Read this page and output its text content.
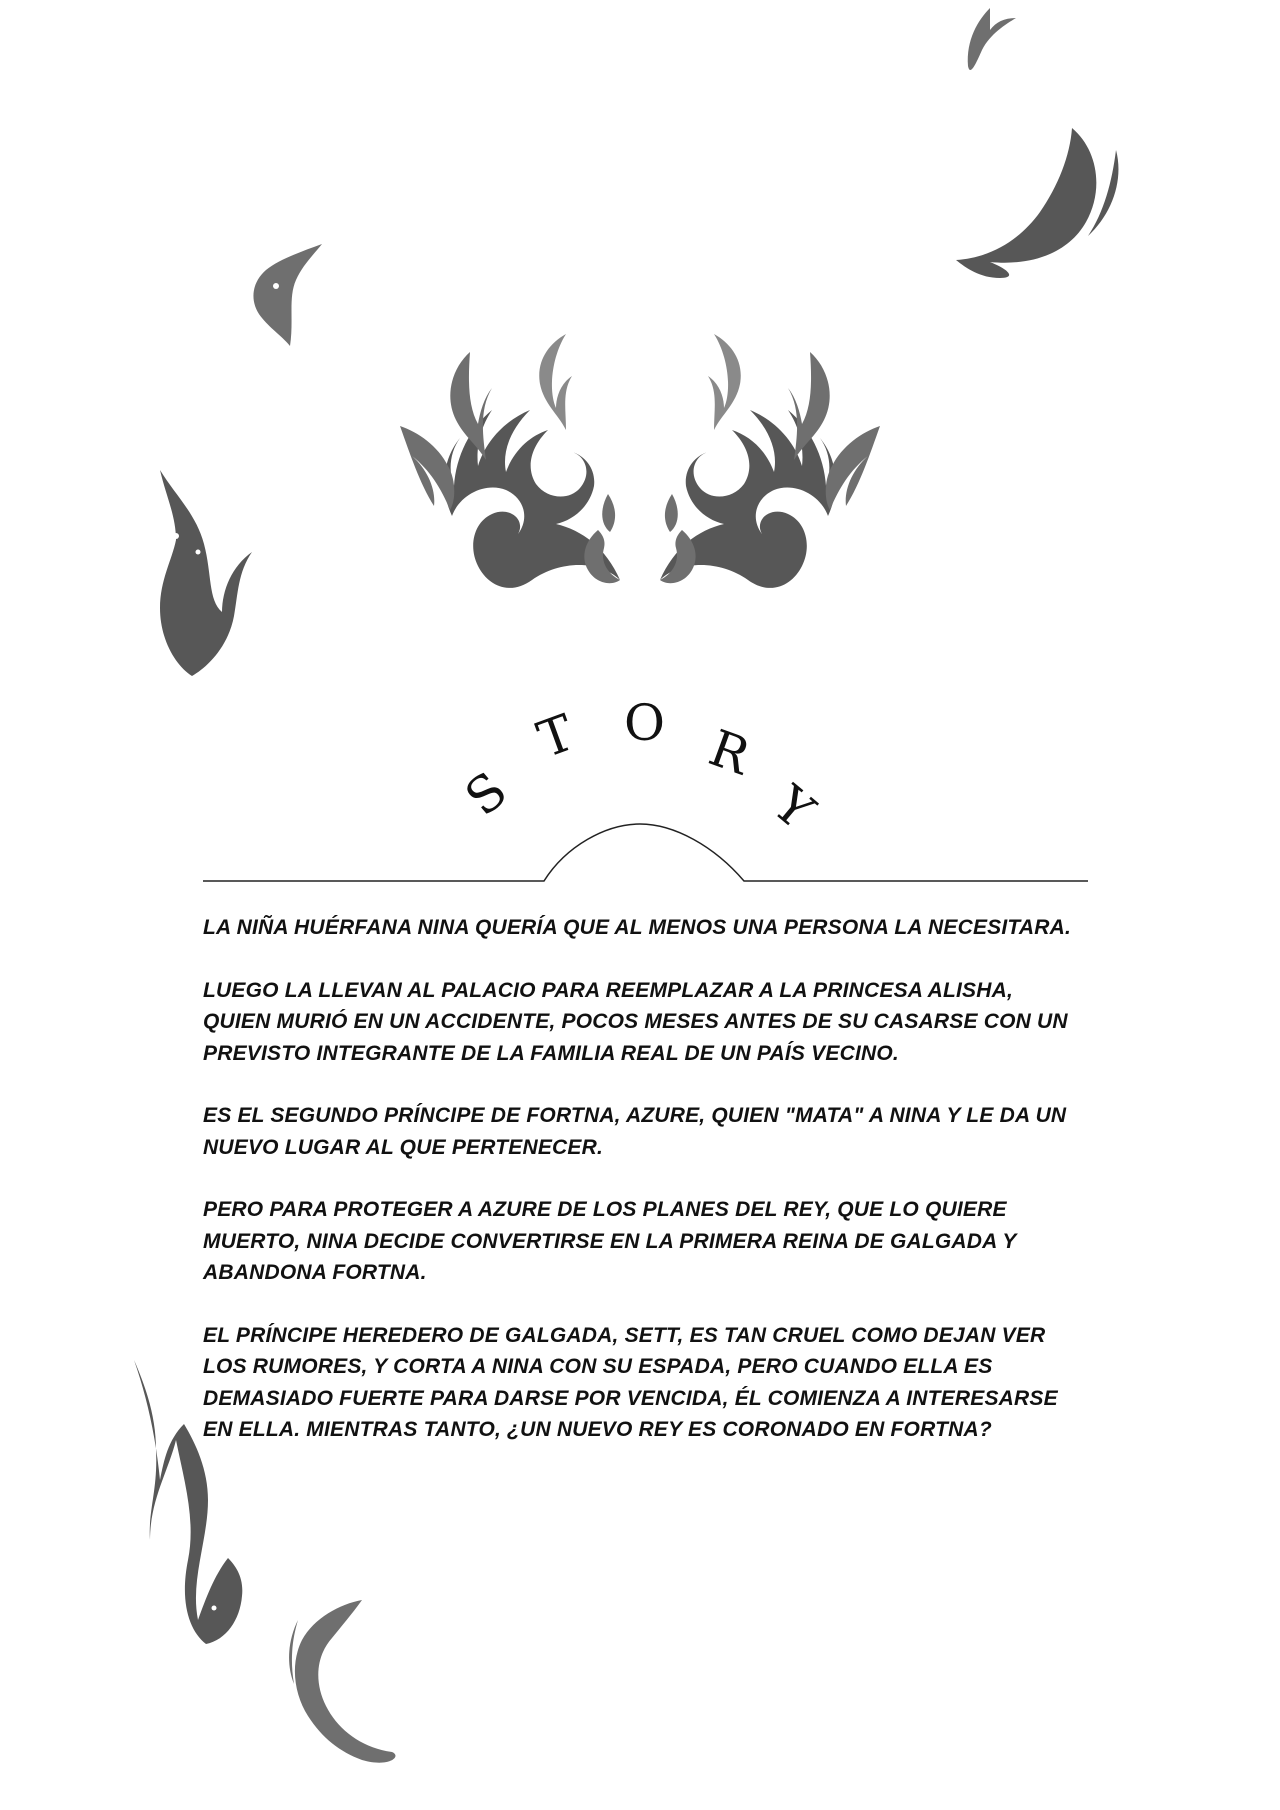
S
T O R
Y

LA NIÑA HUÉRFANA NINA QUERÍA QUE AL MENOS UNA PERSONA LA NECESITARA.

LUEGO LA LLEVAN AL PALACIO PARA REEMPLAZAR A LA PRINCESA ALISHA, QUIEN MURIÓ EN UN ACCIDENTE, POCOS MESES ANTES DE SU CASARSE CON UN PREVISTO INTEGRANTE DE LA FAMILIA REAL DE UN PAÍS VECINO.

ES EL SEGUNDO PRÍNCIPE DE FORTNA, AZURE, QUIEN "MATA" A NINA Y LE DA UN NUEVO LUGAR AL QUE PERTENECER.

PERO PARA PROTEGER A AZURE DE LOS PLANES DEL REY, QUE LO QUIERE MUERTO, NINA DECIDE CONVERTIRSE EN LA PRIMERA REINA DE GALGADA Y ABANDONA FORTNA.

EL PRÍNCIPE HEREDERO DE GALGADA, SETT, ES TAN CRUEL COMO DEJAN VER LOS RUMORES, Y CORTA A NINA CON SU ESPADA, PERO CUANDO ELLA ES DEMASIADO FUERTE PARA DARSE POR VENCIDA, ÉL COMIENZA A INTERESARSE EN ELLA. MIENTRAS TANTO, ¿UN NUEVO REY ES CORONADO EN FORTNA?
